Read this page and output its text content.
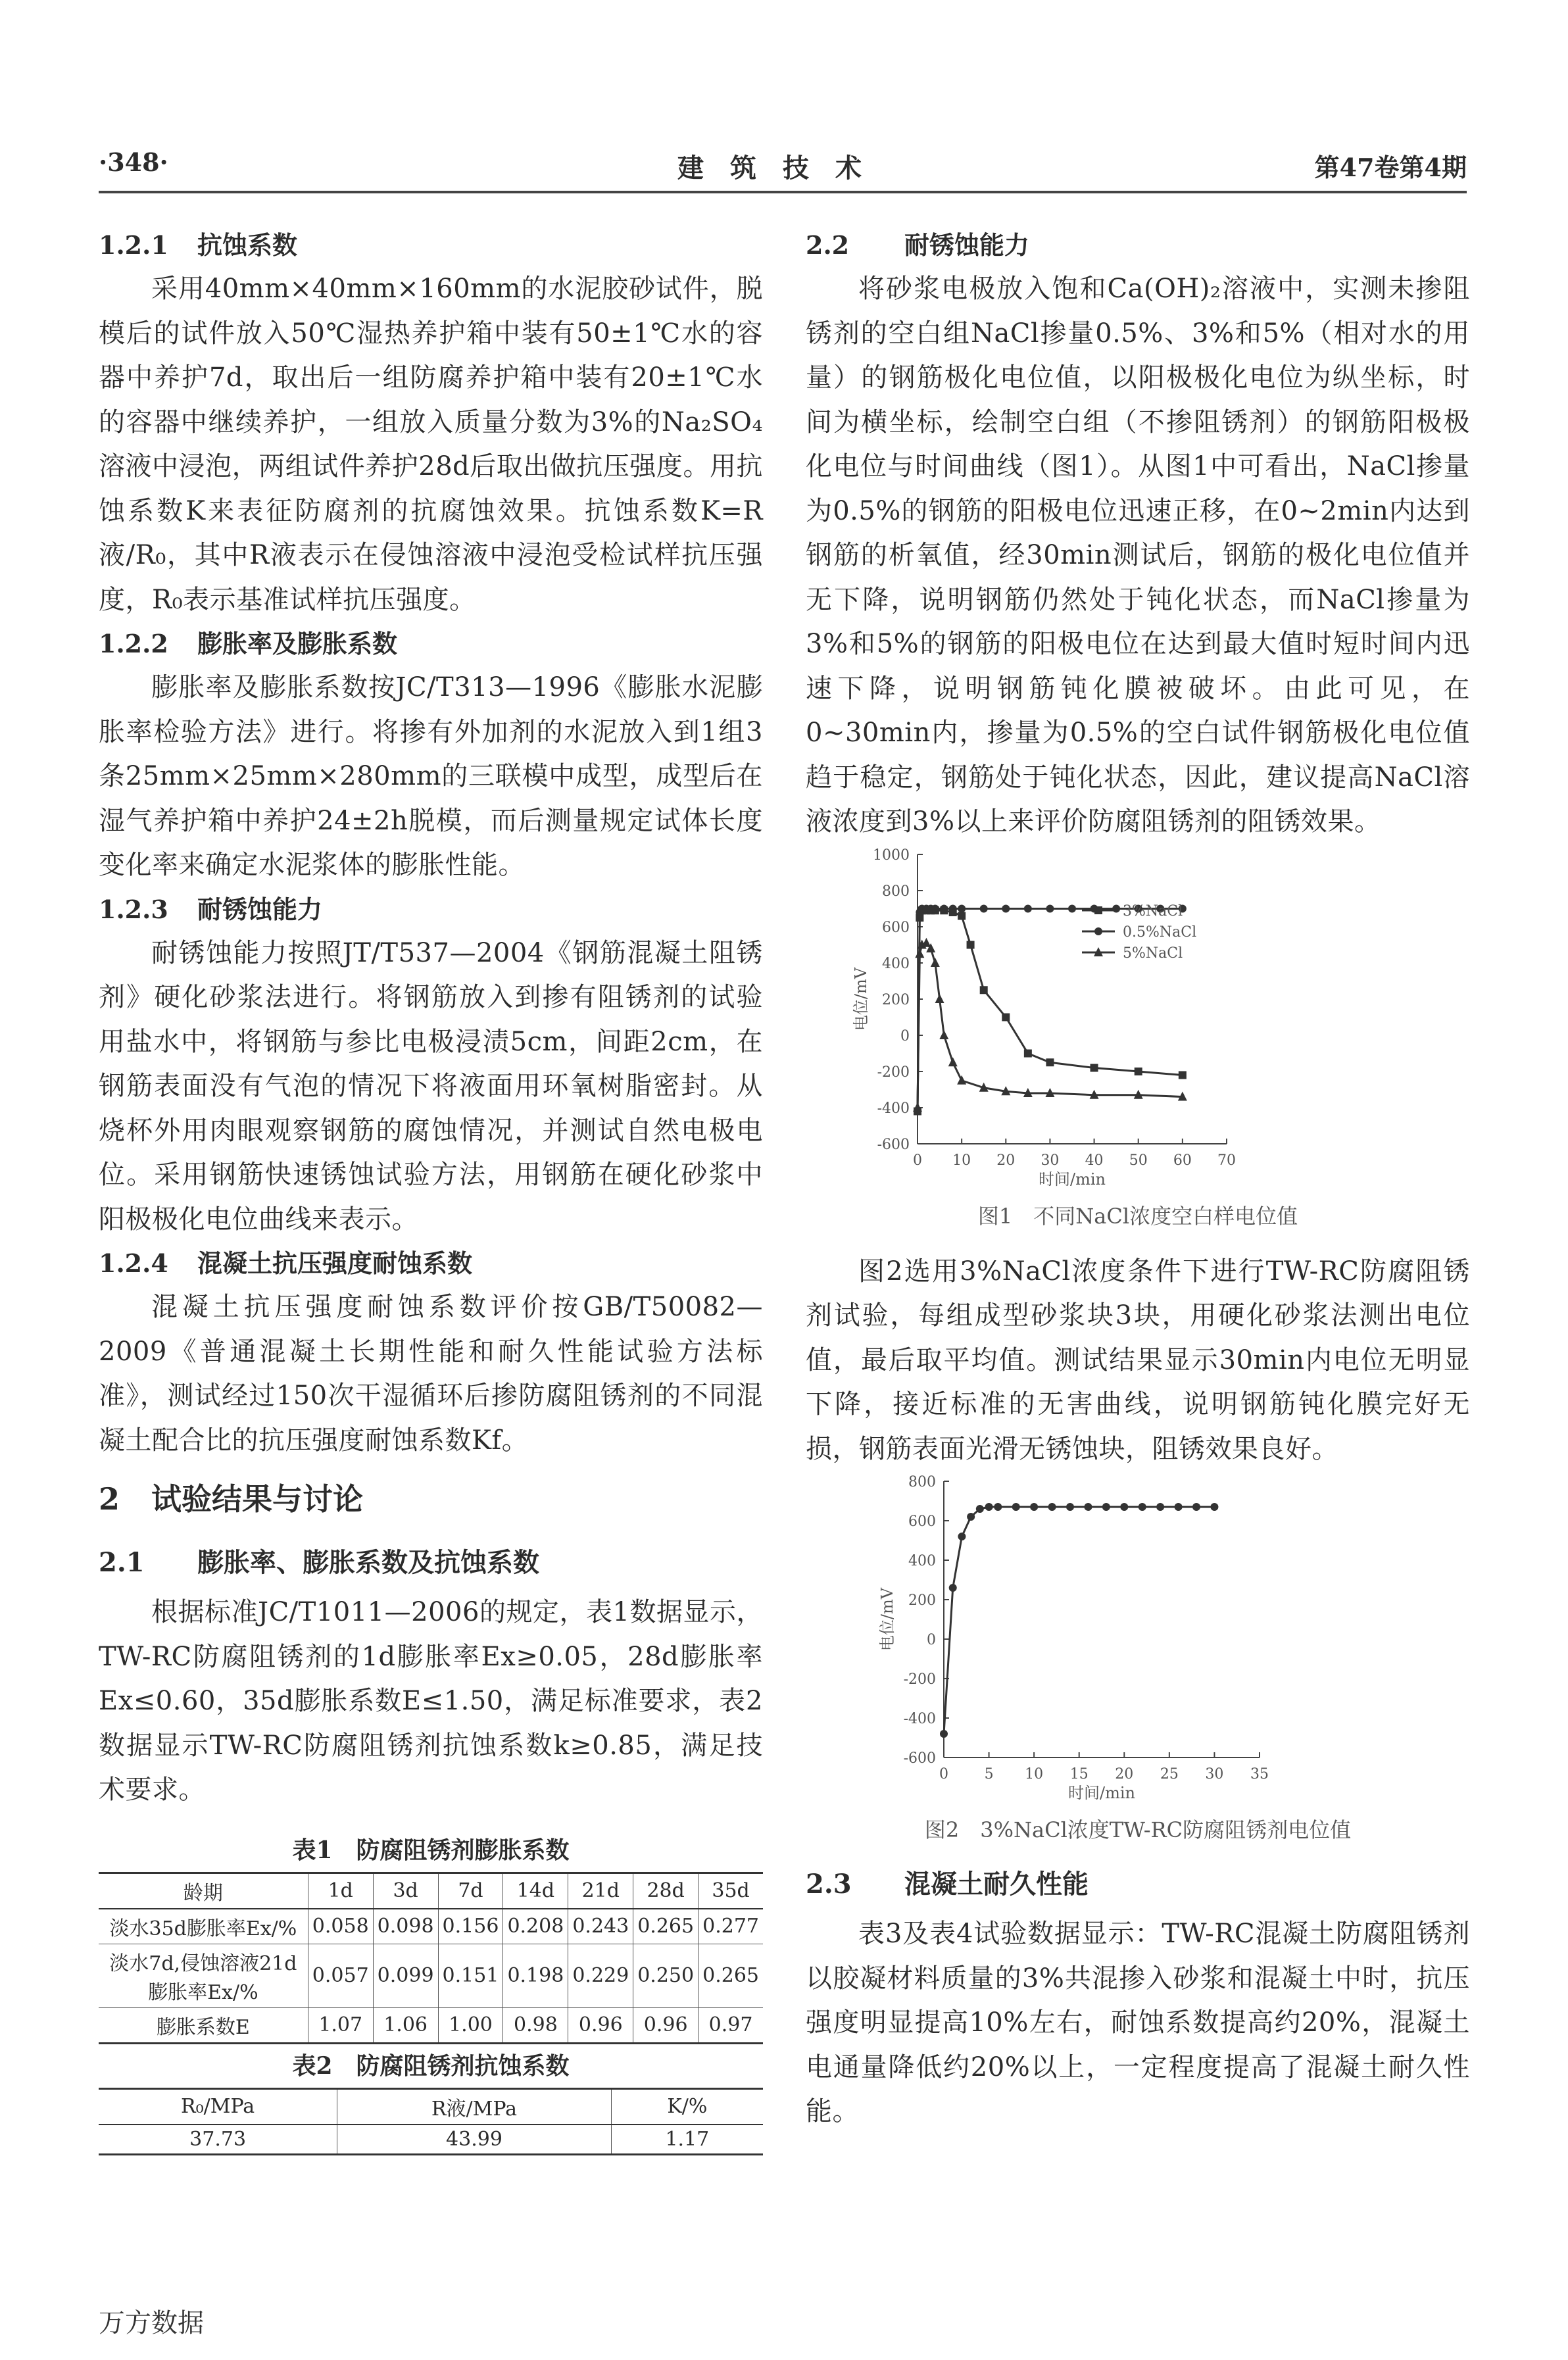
·348·	建筑技术	第47卷第4期
1.2.1 抗蚀系数

采用40mm×40mm×160mm的水泥胶砂试件，脱模后的试件放入50℃湿热养护箱中装有50±1℃水的容器中养护7d，取出后一组防腐养护箱中装有20±1℃水的容器中继续养护，一组放入质量分数为3%的Na₂SO₄溶液中浸泡，两组试件养护28d后取出做抗压强度。用抗蚀系数K来表征防腐剂的抗腐蚀效果。抗蚀系数K=R液/R₀，其中R液表示在侵蚀溶液中浸泡受检试样抗压强度，R₀表示基准试样抗压强度。

1.2.2 膨胀率及膨胀系数

膨胀率及膨胀系数按JC/T313—1996《膨胀水泥膨胀率检验方法》进行。将掺有外加剂的水泥放入到1组3条25mm×25mm×280mm的三联模中成型，成型后在湿气养护箱中养护24±2h脱模，而后测量规定试体长度变化率来确定水泥浆体的膨胀性能。

1.2.3 耐锈蚀能力

耐锈蚀能力按照JT/T537—2004《钢筋混凝土阻锈剂》硬化砂浆法进行。将钢筋放入到掺有阻锈剂的试验用盐水中，将钢筋与参比电极浸渍5cm，间距2cm，在钢筋表面没有气泡的情况下将液面用环氧树脂密封。从烧杯外用肉眼观察钢筋的腐蚀情况，并测试自然电极电位。采用钢筋快速锈蚀试验方法，用钢筋在硬化砂浆中阳极极化电位曲线来表示。

1.2.4 混凝土抗压强度耐蚀系数

混凝土抗压强度耐蚀系数评价按GB/T50082—2009《普通混凝土长期性能和耐久性能试验方法标准》，测试经过150次干湿循环后掺防腐阻锈剂的不同混凝土配合比的抗压强度耐蚀系数Kf。

2 试验结果与讨论
2.1 膨胀率、膨胀系数及抗蚀系数

根据标准JC/T1011—2006的规定，表1数据显示，TW-RC防腐阻锈剂的1d膨胀率Ex≥0.05，28d膨胀率Ex≤0.60，35d膨胀系数E≤1.50，满足标准要求，表2数据显示TW-RC防腐阻锈剂抗蚀系数k≥0.85，满足技术要求。

表1　防腐阻锈剂膨胀系数
龄期	1d	3d	7d	14d	21d	28d	35d
淡水35d膨胀率Ex/%	0.058	0.098	0.156	0.208	0.243	0.265	0.277
淡水7d,侵蚀溶液21d膨胀率Ex/%	0.057	0.099	0.151	0.198	0.229	0.250	0.265
膨胀系数E	1.07	1.06	1.00	0.98	0.96	0.96	0.97
表2　防腐阻锈剂抗蚀系数
R₀/MPa	R液/MPa	K/%
37.73	43.99	1.17
2.2 耐锈蚀能力

将砂浆电极放入饱和Ca(OH)₂溶液中，实测未掺阻锈剂的空白组NaCl掺量0.5%、3%和5%（相对水的用量）的钢筋极化电位值，以阳极极化电位为纵坐标，时间为横坐标，绘制空白组（不掺阻锈剂）的钢筋阳极极化电位与时间曲线（图1）。从图1中可看出，NaCl掺量为0.5%的钢筋的阳极电位迅速正移，在0~2min内达到钢筋的析氧值，经30min测试后，钢筋的极化电位值并无下降，说明钢筋仍然处于钝化状态，而NaCl掺量为3%和5%的钢筋的阳极电位在达到最大值时短时间内迅速下降，说明钢筋钝化膜被破坏。由此可见，在0~30min内，掺量为0.5%的空白试件钢筋极化电位值趋于稳定，钢筋处于钝化状态，因此，建议提高NaCl溶液浓度到3%以上来评价防腐阻锈剂的阻锈效果。

-600
-400
-200
0
200
400
600
800
1000
0 10 20 30 40 50 60 70
时间/min
电位/mV
3%NaCl
0.5%NaCl
5%NaCl
图1　不同NaCl浓度空白样电位值

图2选用3%NaCl浓度条件下进行TW-RC防腐阻锈剂试验，每组成型砂浆块3块，用硬化砂浆法测出电位值，最后取平均值。测试结果显示30min内电位无明显下降，接近标准的无害曲线，说明钢筋钝化膜完好无损，钢筋表面光滑无锈蚀块，阻锈效果良好。

-600
-400
-200
0
200
400
600
800
0 5 10 15 20 25 30 35
时间/min
电位/mV
图2　3%NaCl浓度TW-RC防腐阻锈剂电位值
2.3 混凝土耐久性能

表3及表4试验数据显示：TW-RC混凝土防腐阻锈剂以胶凝材料质量的3%共混掺入砂浆和混凝土中时，抗压强度明显提高10%左右，耐蚀系数提高约20%，混凝土电通量降低约20%以上，一定程度提高了混凝土耐久性能。

万方数据
